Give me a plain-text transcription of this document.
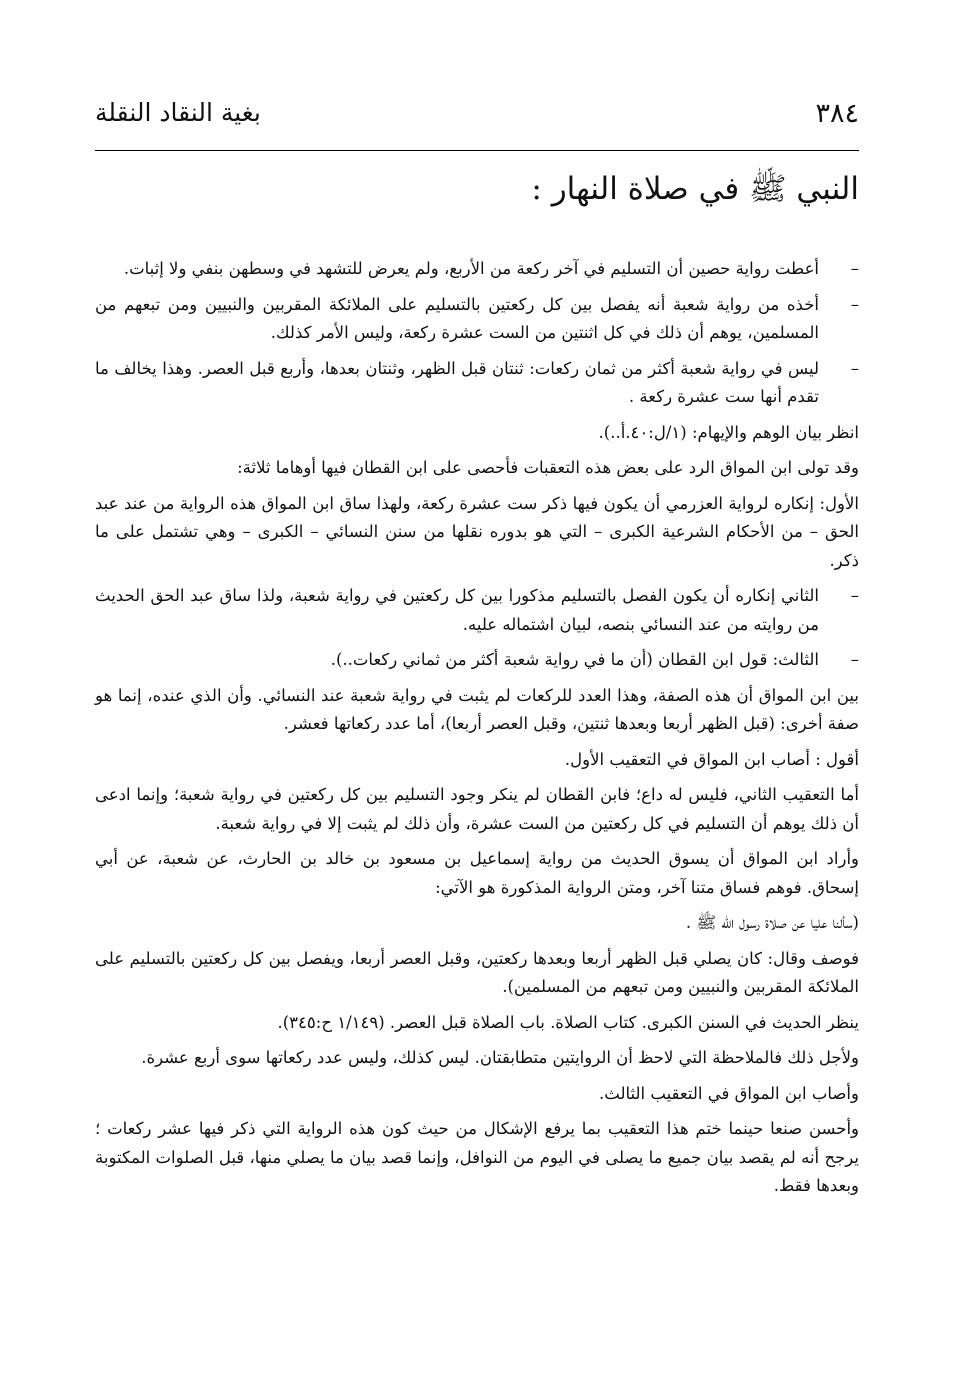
٣٨٤
بغية النقاد النقلة
النبي ﷺ في صلاة النهار :

–
أعطت رواية حصين أن التسليم في آخر ركعة من الأربع، ولم يعرض للتشهد في وسطهن بنفي ولا إثبات.

–
أخذه من رواية شعبة أنه يفصل بين كل ركعتين بالتسليم على الملائكة المقربين والنبيين ومن تبعهم من المسلمين، يوهم أن ذلك في كل اثنتين من الست عشرة ركعة، وليس الأمر كذلك.

–
ليس في رواية شعبة أكثر من ثمان ركعات: ثنتان قبل الظهر، وثنتان بعدها، وأربع قبل العصر. وهذا يخالف ما تقدم أنها ست عشرة ركعة .

انظر بيان الوهم والإيهام: (١/ل:٤٠.أ..).

وقد تولى ابن المواق الرد على بعض هذه التعقبات فأحصى على ابن القطان فيها أوهاما ثلاثة:

الأول: إنكاره لرواية العزرمي أن يكون فيها ذكر ست عشرة ركعة، ولهذا ساق ابن المواق هذه الرواية من عند عبد الحق – من الأحكام الشرعية الكبرى – التي هو بدوره نقلها من سنن النسائي – الكبرى – وهي تشتمل على ما ذكر.

–
الثاني إنكاره أن يكون الفصل بالتسليم مذكورا بين كل ركعتين في رواية شعبة، ولذا ساق عبد الحق الحديث من روايته من عند النسائي بنصه، لبيان اشتماله عليه.

–
الثالث: قول ابن القطان (أن ما في رواية شعبة أكثر من ثماني ركعات..).

بين ابن المواق أن هذه الصفة، وهذا العدد للركعات لم يثبت في رواية شعبة عند النسائي. وأن الذي عنده، إنما هو صفة أخرى: (قبل الظهر أربعا وبعدها ثنتين، وقبل العصر أربعا)، أما عدد ركعاتها فعشر.

أقول : أصاب ابن المواق في التعقيب الأول.

أما التعقيب الثاني، فليس له داع؛ فابن القطان لم ينكر وجود التسليم بين كل ركعتين في رواية شعبة؛ وإنما ادعى أن ذلك يوهم أن التسليم في كل ركعتين من الست عشرة، وأن ذلك لم يثبت إلا في رواية شعبة.

وأراد ابن المواق أن يسوق الحديث من رواية إسماعيل بن مسعود بن خالد بن الحارث، عن شعبة، عن أبي إسحاق. فوهم فساق متنا آخر، ومتن الرواية المذكورة هو الآتي:

(سألنا عليا عن صلاة رسول الله ﷺ .

فوصف وقال: كان يصلي قبل الظهر أربعا وبعدها ركعتين، وقبل العصر أربعا، ويفصل بين كل ركعتين بالتسليم على الملائكة المقربين والنبيين ومن تبعهم من المسلمين).

ينظر الحديث في السنن الكبرى. كتاب الصلاة. باب الصلاة قبل العصر. (١/١٤٩ ح:٣٤٥).

ولأجل ذلك فالملاحظة التي لاحظ أن الروايتين متطابقتان. ليس كذلك، وليس عدد ركعاتها سوى أربع عشرة.

وأصاب ابن المواق في التعقيب الثالث.

وأحسن صنعا حينما ختم هذا التعقيب بما يرفع الإشكال من حيث كون هذه الرواية التي ذكر فيها عشر ركعات ؛ يرجح أنه لم يقصد بيان جميع ما يصلى في اليوم من النوافل، وإنما قصد بيان ما يصلي منها، قبل الصلوات المكتوبة وبعدها فقط.
